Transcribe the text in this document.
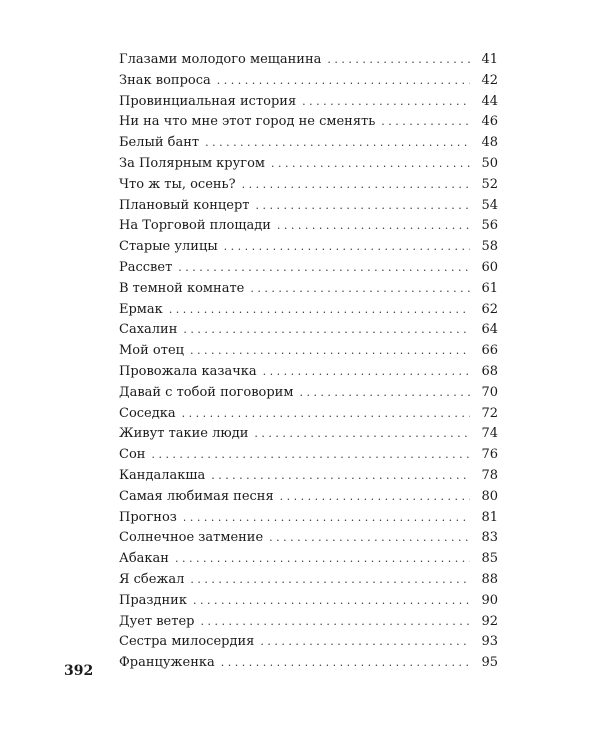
Глазами молодого мещанина . . .	41
Знак вопроса . . .	42
Провинциальная история . . .	44
Ни на что мне этот город не сменять . . .	46
Белый бант . . .	48
За Полярным кругом . . .	50
Что ж ты, осень? . . .	52
Плановый концерт . . .	54
На Торговой площади . . .	56
Старые улицы . . .	58
Рассвет . . .	60
В темной комнате . . .	61
Ермак . . .	62
Сахалин . . .	64
Мой отец . . .	66
Провожала казачка . . .	68
Давай с тобой поговорим . . .	70
Соседка . . .	72
Живут такие люди . . .	74
Сон . . .	76
Кандалакша . . .	78
Самая любимая песня . . .	80
Прогноз . . .	81
Солнечное затмение . . .	83
Абакан . . .	85
Я сбежал . . .	88
Праздник . . .	90
Дует ветер . . .	92
Сестра милосердия . . .	93
Француженка . . .	95
392
